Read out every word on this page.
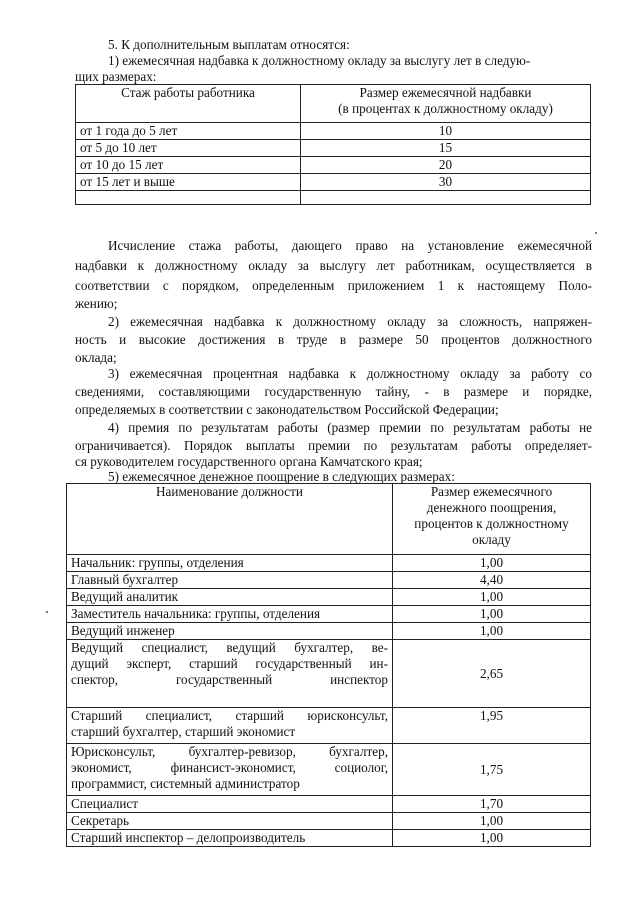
5. К дополнительным выплатам относятся:
1) ежемесячная надбавка к должностному окладу за выслугу лет в следую-
щих размерах:
Стаж работы работника	Размер ежемесячной надбавки
(в процентах к должностному окладу)

от 1 года до 5 лет	10
от 5 до 10 лет	15
от 10 до 15 лет	20
от 15 лет и выше	30

Исчисление стажа работы, дающего право на установление ежемесячной
надбавки к должностному окладу за выслугу лет работникам, осуществляется в
соответствии с порядком, определенным приложением 1 к настоящему Поло-
жению;
2) ежемесячная надбавка к должностному окладу за сложность, напряжен-
ность и высокие достижения в труде в размере 50 процентов должностного
оклада;
3) ежемесячная процентная надбавка к должностному окладу за работу со
сведениями, составляющими государственную тайну, - в размере и порядке,
определяемых в соответствии с законодательством Российской Федерации;
4) премия по результатам работы (размер премии по результатам работы не
ограничивается). Порядок выплаты премии по результатам работы определяет-
ся руководителем государственного органа Камчатского края;
5) ежемесячное денежное поощрение в следующих размерах:
Наименование должности	Размер ежемесячного
денежного поощрения,
процентов к должностному
окладу

Начальник: группы, отделения	1,00
Главный бухгалтер	4,40
Ведущий аналитик	1,00
Заместитель начальника: группы, отделения	1,00
Ведущий инженер	1,00

Ведущий специалист, ведущий бухгалтер, ве-
дущий эксперт, старший государственный ин-
спектор, государственный инспектор	2,65

Старший специалист, старший юрисконсульт,
старший бухгалтер, старший экономист	1,95

Юрисконсульт, бухгалтер-ревизор, бухгалтер,
экономист, финансист-экономист, социолог,
программист, системный администратор	1,75
Специалист	1,70
Секретарь	1,00
Старший инспектор – делопроизводитель	1,00
